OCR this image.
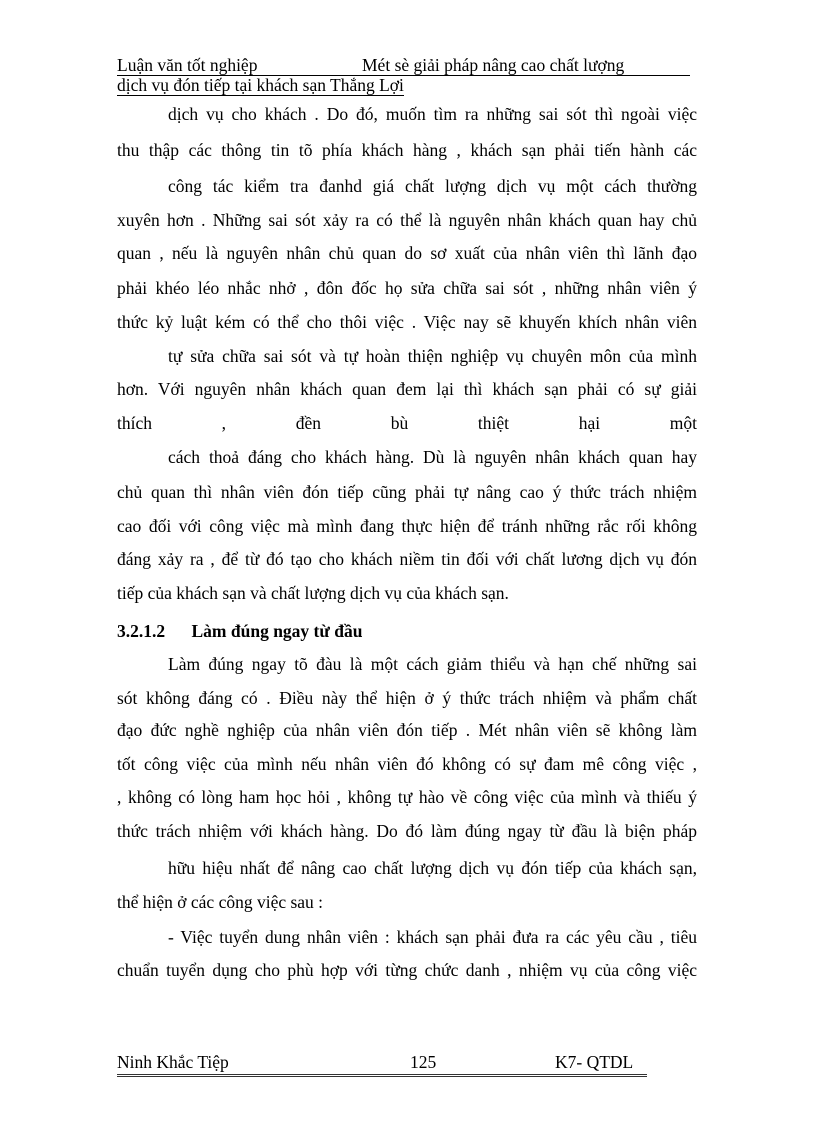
Luận văn tốt nghiệp	Mét sè giải pháp nâng cao chất lượng
dịch vụ đón tiếp tại khách sạn Thắng Lợi
dịch vụ cho khách . Do đó, muốn tìm ra những sai sót thì ngoài việc
thu thập các thông tin tõ phía khách hàng , khách sạn phải tiến hành các
công tác kiểm tra đanhd giá chất lượng dịch vụ một cách thường
xuyên hơn . Những sai sót xảy ra có thể là nguyên nhân khách quan hay chủ
quan , nếu là nguyên nhân chủ quan do sơ xuất của nhân viên thì lãnh đạo
phải khéo léo nhắc nhở , đôn đốc họ sửa chữa sai sót , những nhân viên ý
thức kỷ luật kém có thể cho thôi việc . Việc nay sẽ khuyến khích nhân viên
tự sửa chữa sai sót và tự hoàn thiện nghiệp vụ chuyên môn của mình
hơn. Với nguyên nhân khách quan đem lại thì khách sạn phải có sự giải
thích , đền bù thiệt hại một
cách thoả đáng cho khách hàng. Dù là nguyên nhân khách quan hay
chủ quan thì nhân viên đón tiếp cũng phải tự nâng cao ý thức trách nhiệm
cao đối với công việc mà mình đang thực hiện để tránh những rắc rối không
đáng xảy ra , để từ đó tạo cho khách niềm tin đối với chất lương dịch vụ đón
tiếp của khách sạn và chất lượng dịch vụ của khách sạn.
3.2.1.2 Làm đúng ngay từ đầu
Làm đúng ngay tõ đàu là một cách giảm thiểu và hạn chế những sai
sót không đáng có . Điều này thể hiện ở ý thức trách nhiệm và phẩm chất
đạo đức nghề nghiệp của nhân viên đón tiếp . Mét nhân viên sẽ không làm
tốt công việc của mình nếu nhân viên đó không có sự đam mê công việc ,
, không có lòng ham học hỏi , không tự hào về công việc của mình và thiếu ý
thức trách nhiệm với khách hàng. Do đó làm đúng ngay từ đầu là biện pháp
hữu hiệu nhất để nâng cao chất lượng dịch vụ đón tiếp của khách sạn,
thể hiện ở các công việc sau :
- Việc tuyển dung nhân viên : khách sạn phải đưa ra các yêu cầu , tiêu
chuẩn tuyển dụng cho phù hợp với từng chức danh , nhiệm vụ của công việc
Ninh Khắc Tiệp	125	K7- QTDL
